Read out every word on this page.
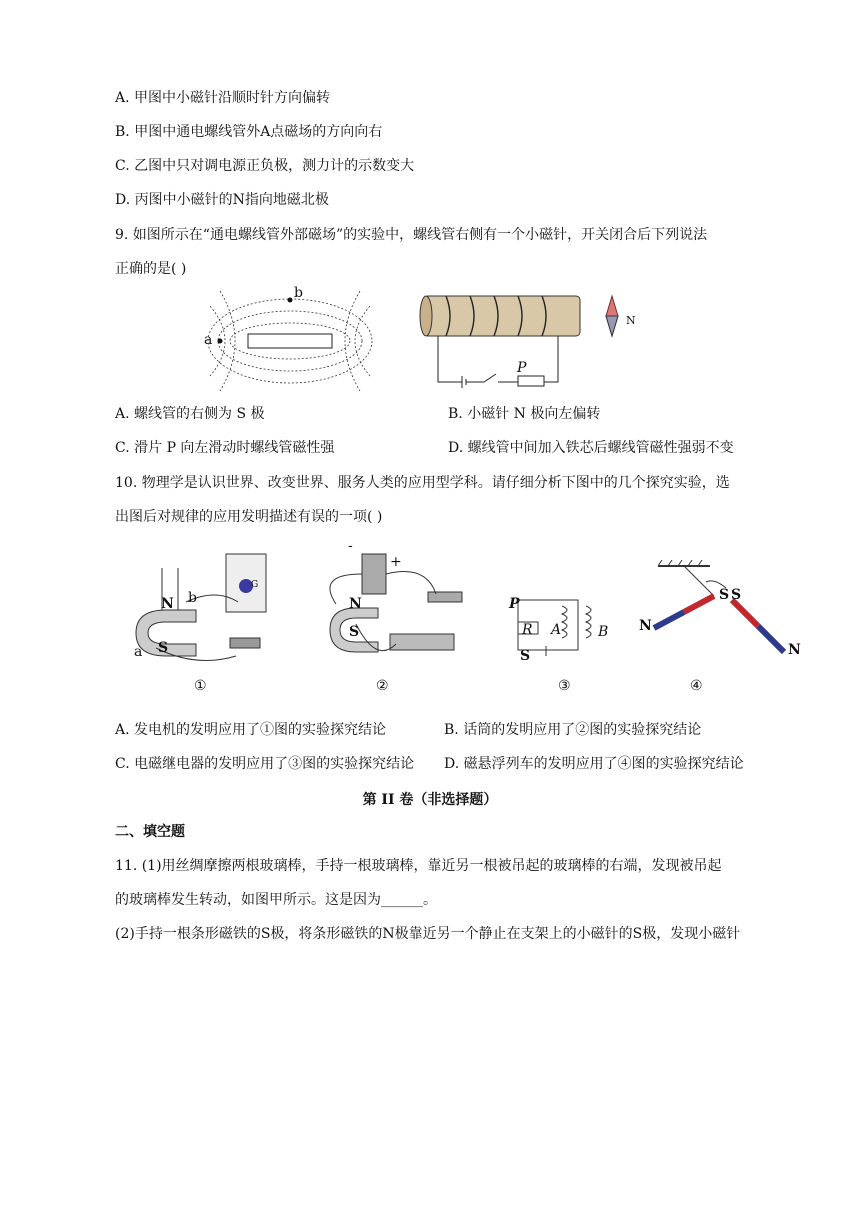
A. 甲图中小磁针沿顺时针方向偏转
B. 甲图中通电螺线管外A点磁场的方向向右
C. 乙图中只对调电源正负极，测力计的示数变大
D. 丙图中小磁针的N指向地磁北极
9. 如图所示在“通电螺线管外部磁场”的实验中，螺线管右侧有一个小磁针，开关闭合后下列说法
正确的是( )
a
b
N
P
A. 螺线管的右侧为 S 极	B. 小磁针 N 极向左偏转
C. 滑片 P 向左滑动时螺线管磁性强	D. 螺线管中间加入铁芯后螺线管磁性强弱不变
10. 物理学是认识世界、改变世界、服务人类的应用型学科。请仔细分析下图中的几个探究实验，选
出图后对规律的应用发明描述有误的一项( )
N
S
b
a
G
-
+
N
S
P
R A	B
S
N
S S
N
①	②	③	④
A. 发电机的发明应用了①图的实验探究结论	B. 话筒的发明应用了②图的实验探究结论
C. 电磁继电器的发明应用了③图的实验探究结论 D. 磁悬浮列车的发明应用了④图的实验探究结论
第 II 卷（非选择题）
二、填空题
11. (1)用丝绸摩擦两根玻璃棒，手持一根玻璃棒，靠近另一根被吊起的玻璃棒的右端，发现被吊起
的玻璃棒发生转动，如图甲所示。这是因为______。
(2)手持一根条形磁铁的S极，将条形磁铁的N极靠近另一个静止在支架上的小磁针的S极，发现小磁针
